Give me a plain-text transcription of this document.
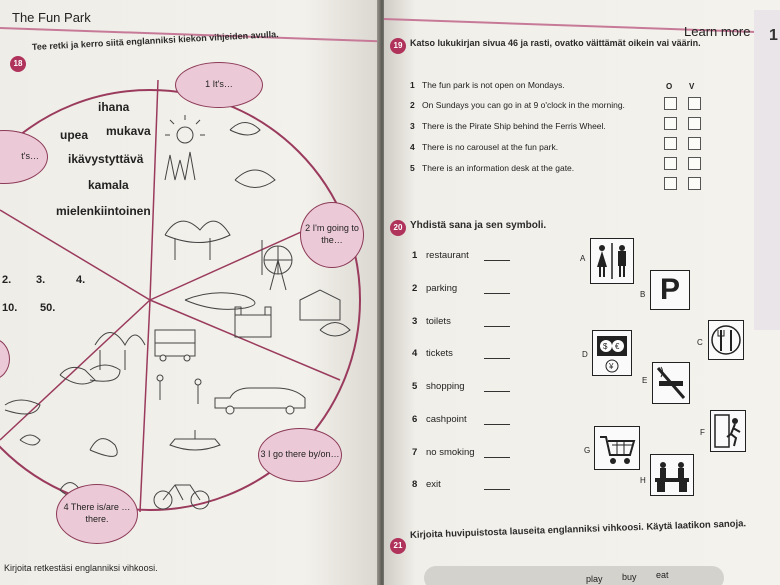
The Fun Park
18
Tee retki ja kerro siitä englanniksi kiekon vihjeiden avulla.
1 It's…
2 I'm going to the…
3 I go there by/on…
4 There is/are …there.
t's…
ihana
upea mukava
ikävystyttävä
kamala
mielenkiintoinen
2. 3.	4.
10. 50.
Kirjoita retkestäsi englanniksi vihkoosi.
Learn more 1
19 Katso lukukirjan sivua 46 ja rasti, ovatko väittämät oikein vai väärin.
O V
1 The fun park is not open on Mondays.
2 On Sundays you can go in at 9 o'clock in the morning.
3 There is the Pirate Ship behind the Ferris Wheel.
4 There is no carousel at the fun park.
5 There is an information desk at the gate.
20 Yhdistä sana ja sen symboli.
1 restaurant
2 parking
3 toilets
4 tickets
5 shopping
6 cashpoint
7 no smoking
8 exit
A
B P
C
D
$ €
¥
E
F
G
H
21
Kirjoita huvipuistosta lauseita englanniksi vihkoosi. Käytä laatikon sanoja.
play buy eat
